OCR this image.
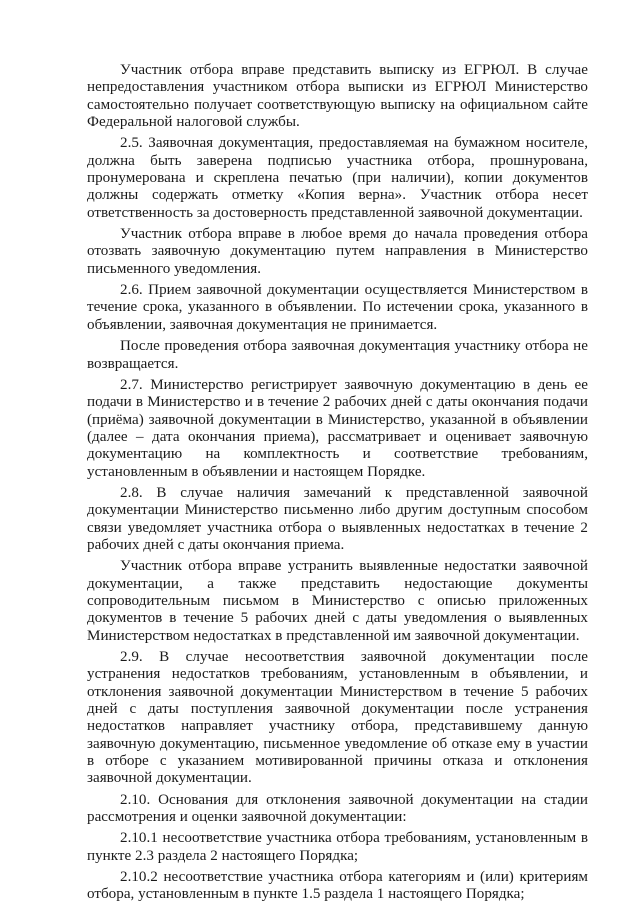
Участник отбора вправе представить выписку из ЕГРЮЛ. В случае непредоставления участником отбора выписки из ЕГРЮЛ Министерство самостоятельно получает соответствующую выписку на официальном сайте Федеральной налоговой службы.

2.5. Заявочная документация, предоставляемая на бумажном носителе, должна быть заверена подписью участника отбора, прошнурована, пронумерована и скреплена печатью (при наличии), копии документов должны содержать отметку «Копия верна». Участник отбора несет ответственность за достоверность представленной заявочной документации.

Участник отбора вправе в любое время до начала проведения отбора отозвать заявочную документацию путем направления в Министерство письменного уведомления.

2.6. Прием заявочной документации осуществляется Министерством в течение срока, указанного в объявлении. По истечении срока, указанного в объявлении, заявочная документация не принимается.

После проведения отбора заявочная документация участнику отбора не возвращается.

2.7. Министерство регистрирует заявочную документацию в день ее подачи в Министерство и в течение 2 рабочих дней с даты окончания подачи (приёма) заявочной документации в Министерство, указанной в объявлении (далее – дата окончания приема), рассматривает и оценивает заявочную документацию на комплектность и соответствие требованиям, установленным в объявлении и настоящем Порядке.

2.8. В случае наличия замечаний к представленной заявочной документации Министерство письменно либо другим доступным способом связи уведомляет участника отбора о выявленных недостатках в течение 2 рабочих дней с даты окончания приема.

Участник отбора вправе устранить выявленные недостатки заявочной документации, а также представить недостающие документы сопроводительным письмом в Министерство с описью приложенных документов в течение 5 рабочих дней с даты уведомления о выявленных Министерством недостатках в представленной им заявочной документации.

2.9. В случае несоответствия заявочной документации после устранения недостатков требованиям, установленным в объявлении, и отклонения заявочной документации Министерством в течение 5 рабочих дней с даты поступления заявочной документации после устранения недостатков направляет участнику отбора, представившему данную заявочную документацию, письменное уведомление об отказе ему в участии в отборе с указанием мотивированной причины отказа и отклонения заявочной документации.

2.10. Основания для отклонения заявочной документации на стадии рассмотрения и оценки заявочной документации:

2.10.1 несоответствие участника отбора требованиям, установленным в пункте 2.3 раздела 2 настоящего Порядка;

2.10.2 несоответствие участника отбора категориям и (или) критериям отбора, установленным в пункте 1.5 раздела 1 настоящего Порядка;
